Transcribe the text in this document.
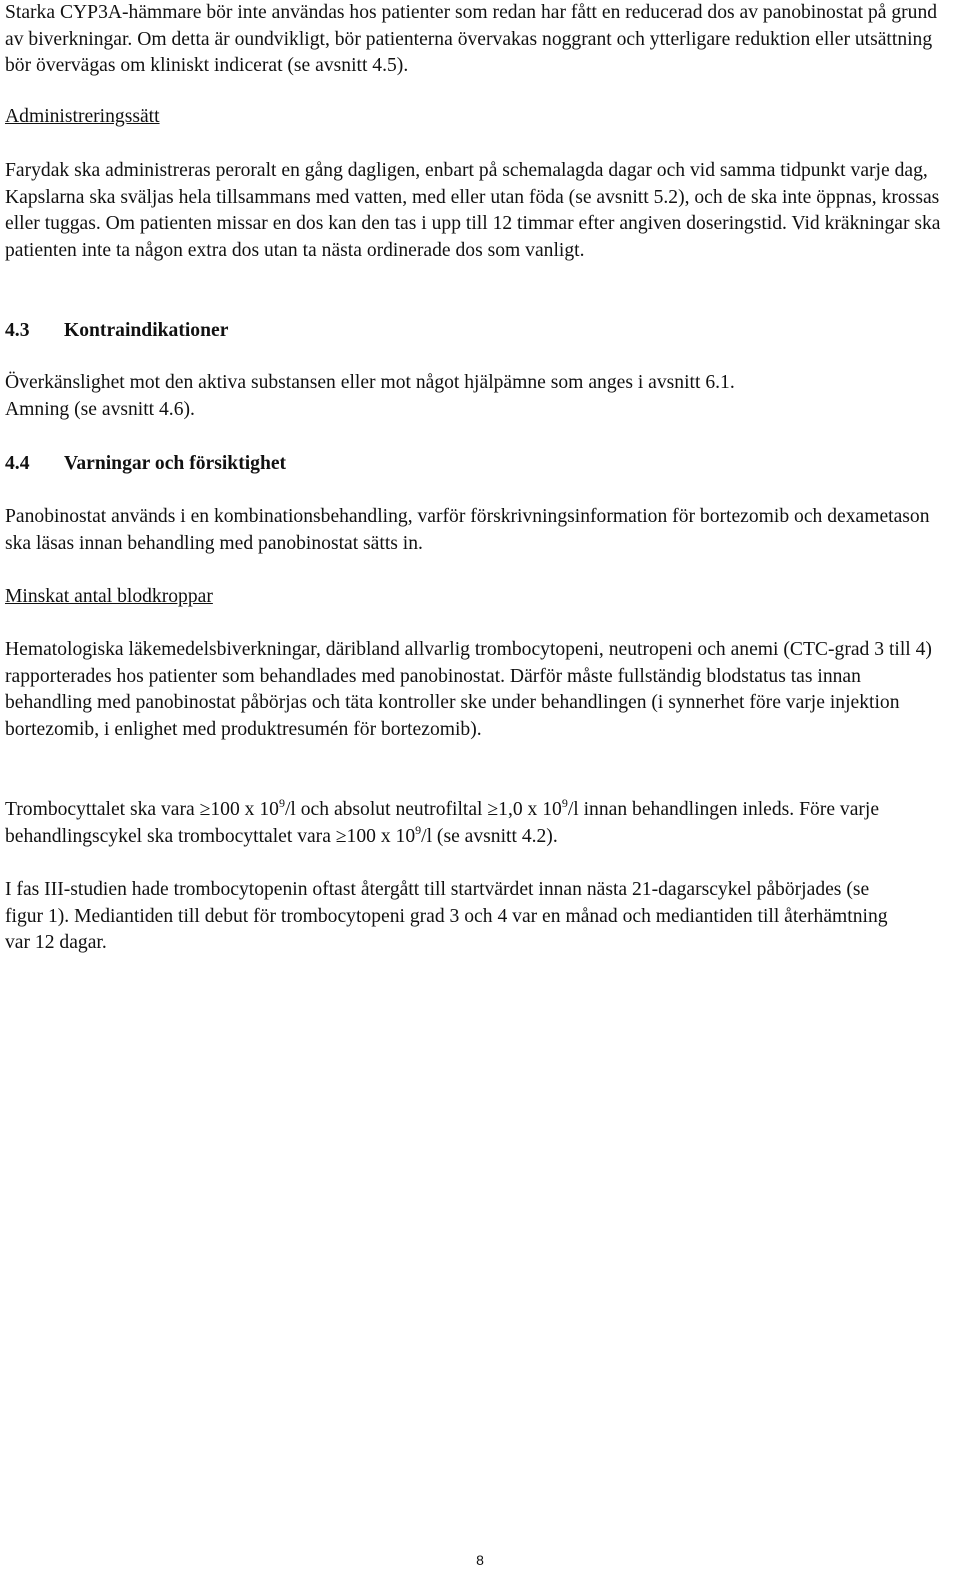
Starka CYP3A-hämmare bör inte användas hos patienter som redan har fått en reducerad dos av panobinostat på grund av biverkningar. Om detta är oundvikligt, bör patienterna övervakas noggrant och ytterligare reduktion eller utsättning bör övervägas om kliniskt indicerat (se avsnitt 4.5).

Administreringssätt

Farydak ska administreras peroralt en gång dagligen, enbart på schemalagda dagar och vid samma tidpunkt varje dag, Kapslarna ska sväljas hela tillsammans med vatten, med eller utan föda (se avsnitt 5.2), och de ska inte öppnas, krossas eller tuggas. Om patienten missar en dos kan den tas i upp till 12 timmar efter angiven doseringstid. Vid kräkningar ska patienten inte ta någon extra dos utan ta nästa ordinerade dos som vanligt.

4.3	Kontraindikationer

Överkänslighet mot den aktiva substansen eller mot något hjälpämne som anges i avsnitt 6.1.

Amning (se avsnitt 4.6).

4.4	Varningar och försiktighet

Panobinostat används i en kombinationsbehandling, varför förskrivningsinformation för bortezomib och dexametason ska läsas innan behandling med panobinostat sätts in.

Minskat antal blodkroppar

Hematologiska läkemedelsbiverkningar, däribland allvarlig trombocytopeni, neutropeni och anemi (CTC-grad 3 till 4) rapporterades hos patienter som behandlades med panobinostat. Därför måste fullständig blodstatus tas innan behandling med panobinostat påbörjas och täta kontroller ske under behandlingen (i synnerhet före varje injektion bortezomib, i enlighet med produktresumén för bortezomib).

Trombocyttalet ska vara ≥100 x $10^9/l$ och absolut neutrofiltal ≥1,0 x $10^9/l$ innan behandlingen inleds. Före varje behandlingscykel ska trombocyttalet vara ≥100 x $10^9/l$ (se avsnitt 4.2).

I fas III-studien hade trombocytopenin oftast återgått till startvärdet innan nästa 21-dagarscykel påbörjades (se figur 1). Mediantiden till debut för trombocytopeni grad 3 och 4 var en månad och mediantiden till återhämtning var 12 dagar.

8
